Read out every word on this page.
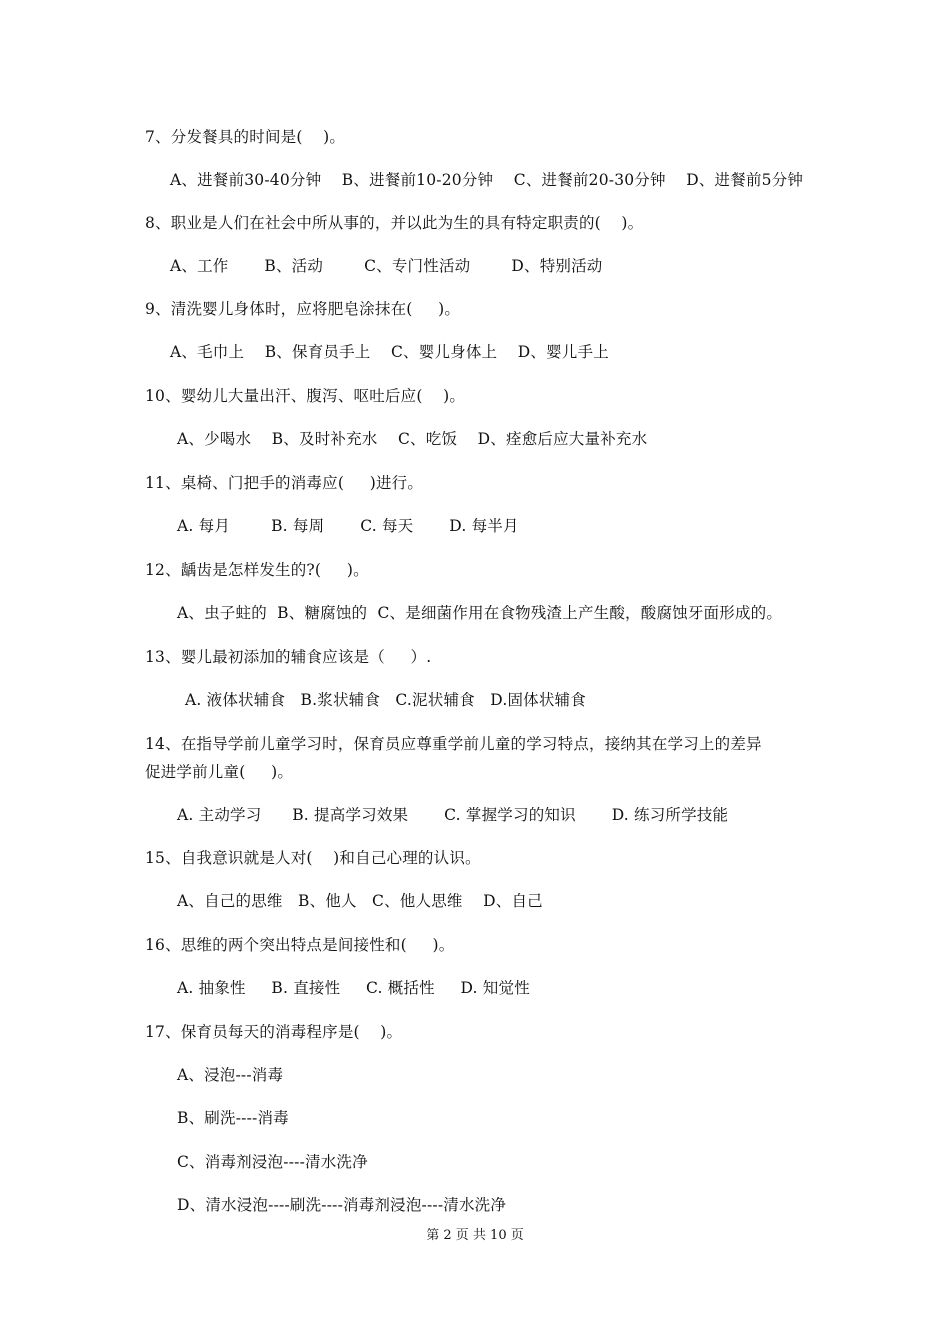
7、分发餐具的时间是(    )。
A、进餐前30-40分钟    B、进餐前10-20分钟    C、进餐前20-30分钟    D、进餐前5分钟
8、职业是人们在社会中所从事的，并以此为生的具有特定职责的(    )。
A、工作       B、活动        C、专门性活动        D、特别活动
9、清洗婴儿身体时，应将肥皂涂抹在(     )。
A、毛巾上    B、保育员手上    C、婴儿身体上    D、婴儿手上
10、婴幼儿大量出汗、腹泻、呕吐后应(    )。
A、少喝水    B、及时补充水    C、吃饭    D、痊愈后应大量补充水
11、桌椅、门把手的消毒应(     )进行。
A. 每月        B. 每周       C. 每天       D. 每半月
12、龋齿是怎样发生的?(     )。
A、虫子蛀的  B、糖腐蚀的  C、是细菌作用在食物残渣上产生酸，酸腐蚀牙面形成的。
13、婴儿最初添加的辅食应该是（     ）.
A. 液体状辅食   B.浆状辅食   C.泥状辅食   D.固体状辅食
14、在指导学前儿童学习时，保育员应尊重学前儿童的学习特点，接纳其在学习上的差异
促进学前儿童(     )。
A. 主动学习      B. 提高学习效果       C. 掌握学习的知识       D. 练习所学技能
15、自我意识就是人对(    )和自己心理的认识。
A、自己的思维   B、他人   C、他人思维    D、自己
16、思维的两个突出特点是间接性和(     )。
A. 抽象性     B. 直接性     C. 概括性     D. 知觉性
17、保育员每天的消毒程序是(    )。
A、浸泡---消毒
B、刷洗----消毒
C、消毒剂浸泡----清水洗净
D、清水浸泡----刷洗----消毒剂浸泡----清水洗净
第 2 页 共 10 页
